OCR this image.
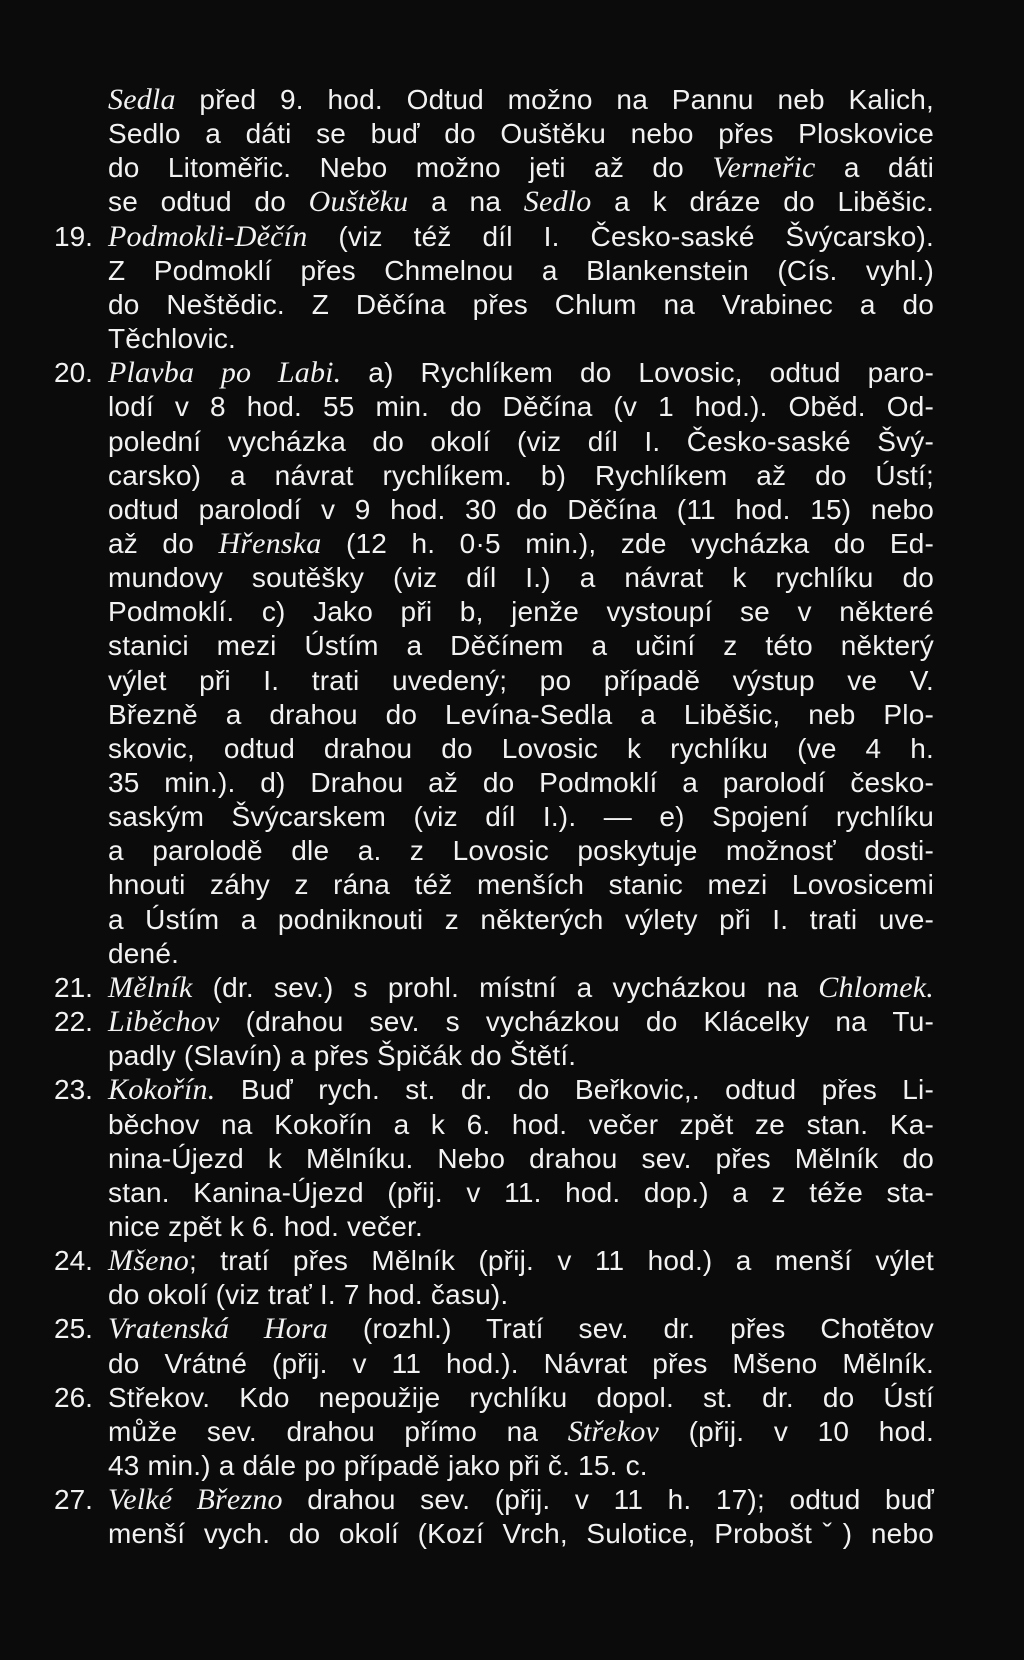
Sedla před 9. hod. Odtud možno na Pannu neb Kalich,
Sedlo a dáti se buď do Ouštěku nebo přes Ploskovice
do Litoměřic. Nebo možno jeti až do Verneřic a dáti
se odtud do Ouštěku a na Sedlo a k dráze do Liběšic.
19. Podmokli-Děčín (viz též díl I. Česko-saské Švýcarsko).
Z Podmoklí přes Chmelnou a Blankenstein (Cís. vyhl.)
do Neštědic. Z Děčína přes Chlum na Vrabinec a do
Těchlovic.
20. Plavba po Labi. a) Rychlíkem do Lovosic, odtud paro-
lodí v 8 hod. 55 min. do Děčína (v 1 hod.). Oběd. Od-
polední vycházka do okolí (viz díl I. Česko-saské Švý-
carsko) a návrat rychlíkem. b) Rychlíkem až do Ústí;
odtud parolodí v 9 hod. 30 do Děčína (11 hod. 15) nebo
až do Hřenska (12 h. 0·5 min.), zde vycházka do Ed-
mundovy soutěšky (viz díl I.) a návrat k rychlíku do
Podmoklí. c) Jako při b, jenže vystoupí se v některé
stanici mezi Ústím a Děčínem a učiní z této některý
výlet při I. trati uvedený; po případě výstup ve V.
Březně a drahou do Levína-Sedla a Liběšic, neb Plo-
skovic, odtud drahou do Lovosic k rychlíku (ve 4 h.
35 min.). d) Drahou až do Podmoklí a parolodí česko-
saským Švýcarskem (viz díl I.). — e) Spojení rychlíku
a parolodě dle a. z Lovosic poskytuje možnosť dosti-
hnouti záhy z rána též menších stanic mezi Lovosicemi
a Ústím a podniknouti z některých výlety při I. trati uve-
dené.
21. Mělník (dr. sev.) s prohl. místní a vycházkou na Chlomek.
22. Liběchov (drahou sev. s vycházkou do Klácelky na Tu-
padly (Slavín) a přes Špičák do Štětí.
23. Kokořín. Buď rych. st. dr. do Beřkovic,. odtud přes Li-
běchov na Kokořín a k 6. hod. večer zpět ze stan. Ka-
nina-Újezd k Mělníku. Nebo drahou sev. přes Mělník do
stan. Kanina-Újezd (přij. v 11. hod. dop.) a z téže sta-
nice zpět k 6. hod. večer.
24. Mšeno; tratí přes Mělník (přij. v 11 hod.) a menší výlet
do okolí (viz trať I. 7 hod. času).
25. Vratenská Hora (rozhl.) Tratí sev. dr. přes Chotětov
do Vrátné (přij. v 11 hod.). Návrat přes Mšeno Mělník.
26. Střekov. Kdo nepoužije rychlíku dopol. st. dr. do Ústí
může sev. drahou přímo na Střekov (přij. v 10 hod.
43 min.) a dále po případě jako při č. 15. c.
27. Velké Březno drahou sev. (přij. v 11 h. 17); odtud buď
menší vych. do okolí (Kozí Vrch, Sulotice, Proboštˇ) nebo
